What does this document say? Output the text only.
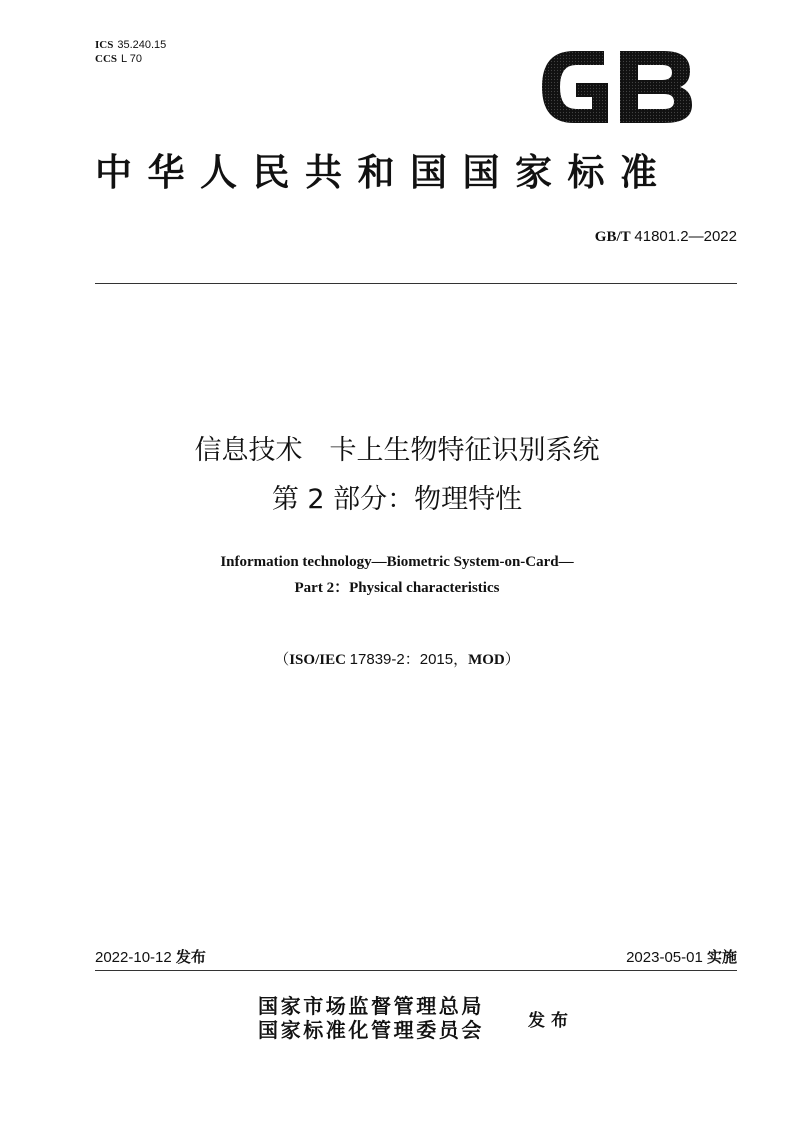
ICS 35.240.15
CCS L 70
中华人民共和国国家标准
GB/T 41801.2—2022
信息技术　卡上生物特征识别系统
第 2 部分：物理特性
Information technology—Biometric System-on-Card—
Part 2：Physical characteristics
（ISO/IEC 17839-2：2015，MOD）
2022-10-12 发布	2023-05-01 实施
国家市场监督管理总局
国家标准化管理委员会	发布
